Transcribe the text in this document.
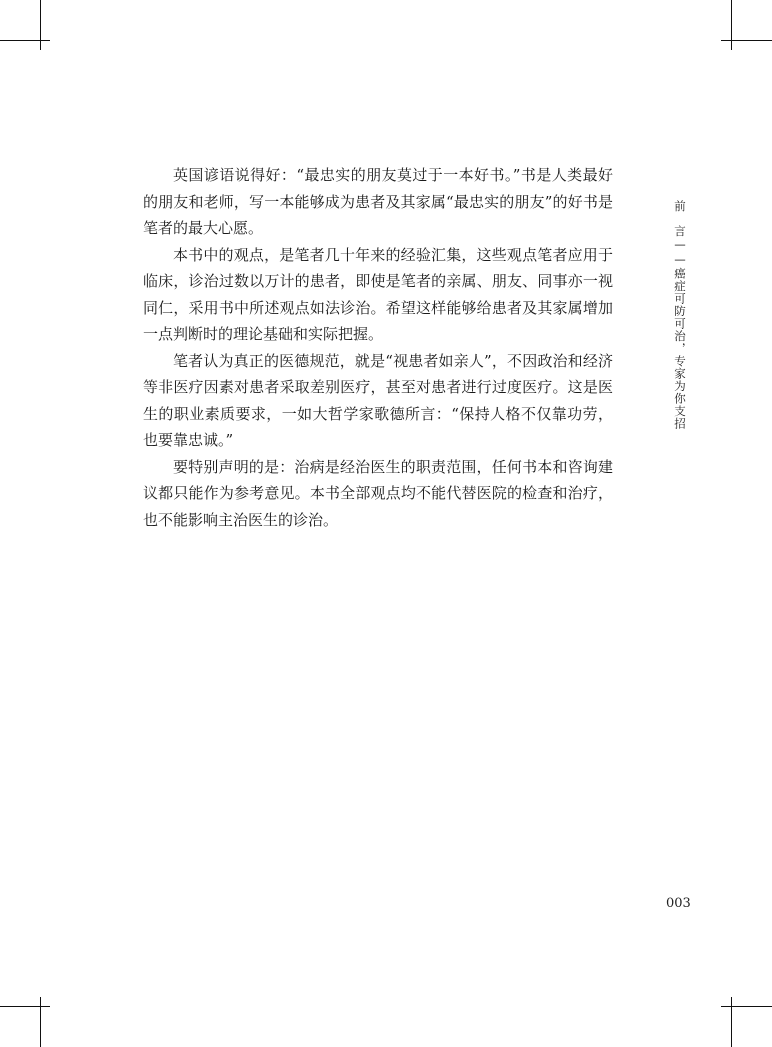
英国谚语说得好：“最忠实的朋友莫过于一本好书。”书是人类最好的朋友和老师，写一本能够成为患者及其家属“最忠实的朋友”的好书是笔者的最大心愿。

本书中的观点，是笔者几十年来的经验汇集，这些观点笔者应用于临床，诊治过数以万计的患者，即使是笔者的亲属、朋友、同事亦一视同仁，采用书中所述观点如法诊治。希望这样能够给患者及其家属增加一点判断时的理论基础和实际把握。

笔者认为真正的医德规范，就是“视患者如亲人”，不因政治和经济等非医疗因素对患者采取差别医疗，甚至对患者进行过度医疗。这是医生的职业素质要求，一如大哲学家歌德所言：“保持人格不仅靠功劳，也要靠忠诚。”

要特别声明的是：治病是经治医生的职责范围，任何书本和咨询建议都只能作为参考意见。本书全部观点均不能代替医院的检查和治疗，也不能影响主治医生的诊治。

前　言——癌症可防可治，专家为你支招
003
